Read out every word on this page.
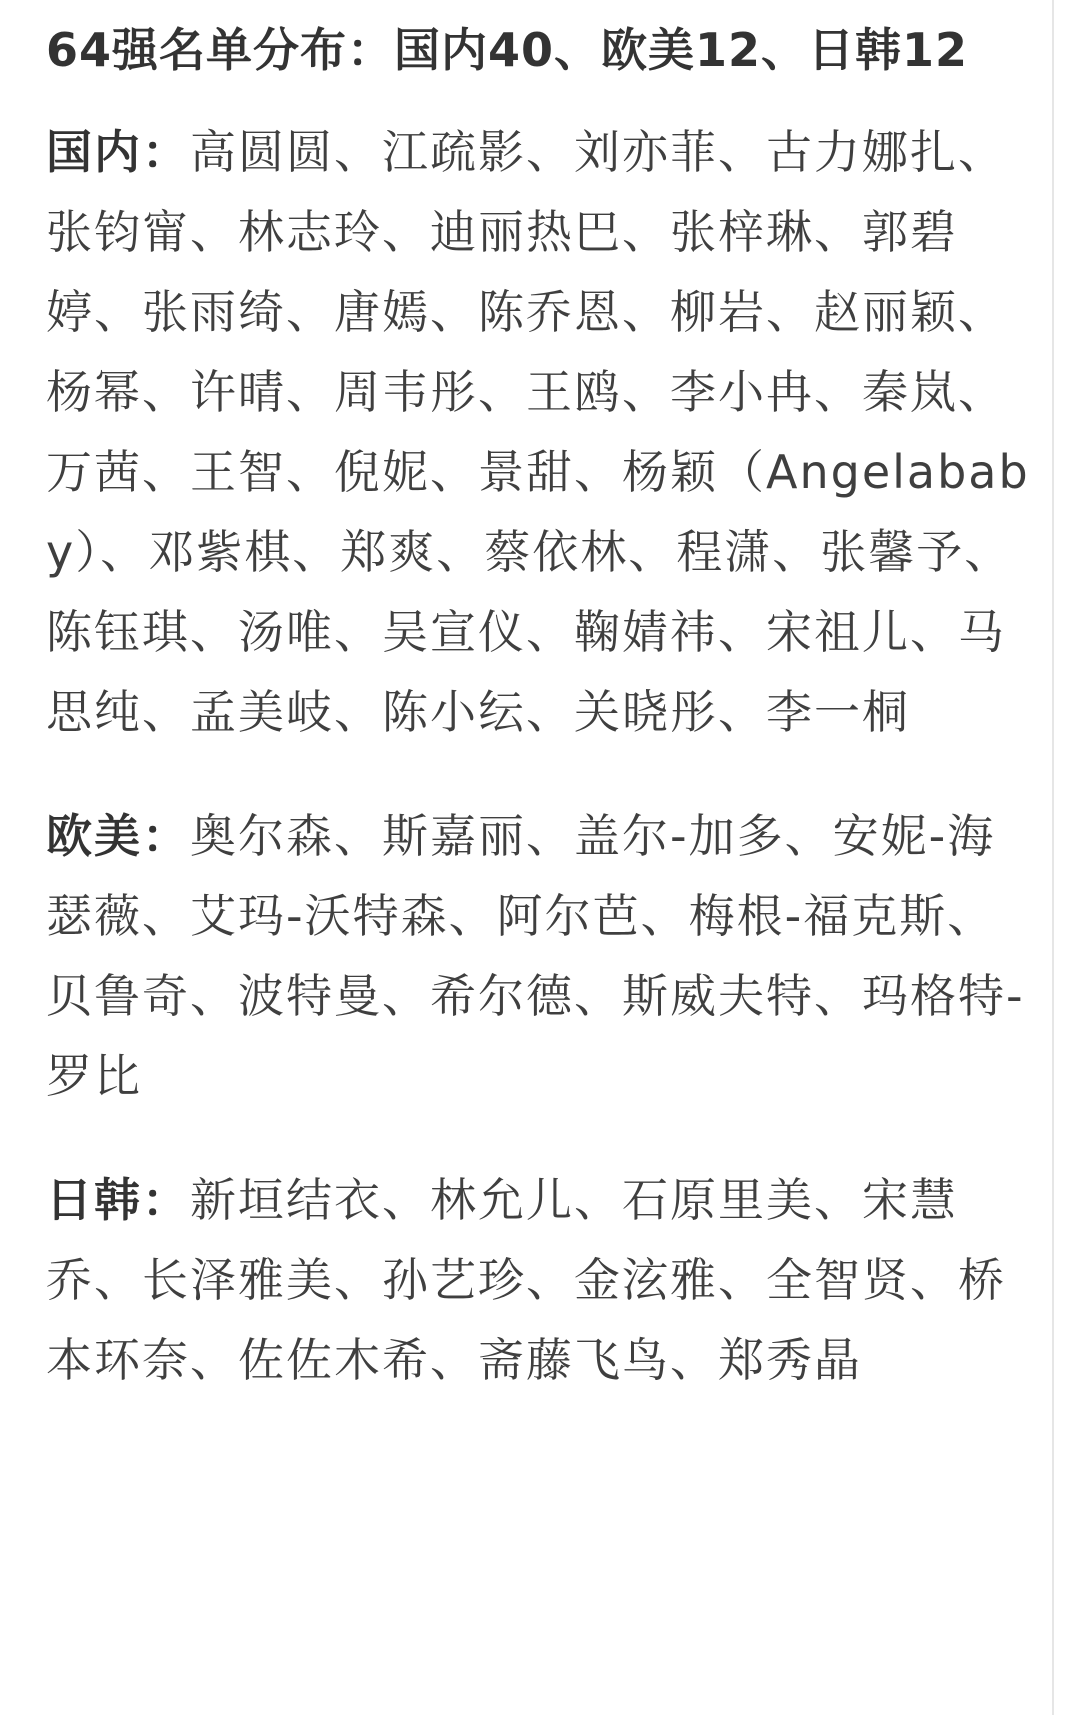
64强名单分布：国内40、欧美12、日韩12
国内：高圆圆、江疏影、刘亦菲、古力娜扎、张钧甯、林志玲、迪丽热巴、张梓琳、郭碧婷、张雨绮、唐嫣、陈乔恩、柳岩、赵丽颖、杨幂、许晴、周韦彤、王鸥、李小冉、秦岚、万茜、王智、倪妮、景甜、杨颖（Angelababy）、邓紫棋、郑爽、蔡依林、程潇、张馨予、陈钰琪、汤唯、吴宣仪、鞠婧祎、宋祖儿、马思纯、孟美岐、陈小纭、关晓彤、李一桐
欧美：奥尔森、斯嘉丽、盖尔-加多、安妮-海瑟薇、艾玛-沃特森、阿尔芭、梅根-福克斯、贝鲁奇、波特曼、希尔德、斯威夫特、玛格特-罗比
日韩：新垣结衣、林允儿、石原里美、宋慧乔、长泽雅美、孙艺珍、金泫雅、全智贤、桥本环奈、佐佐木希、斋藤飞鸟、郑秀晶
